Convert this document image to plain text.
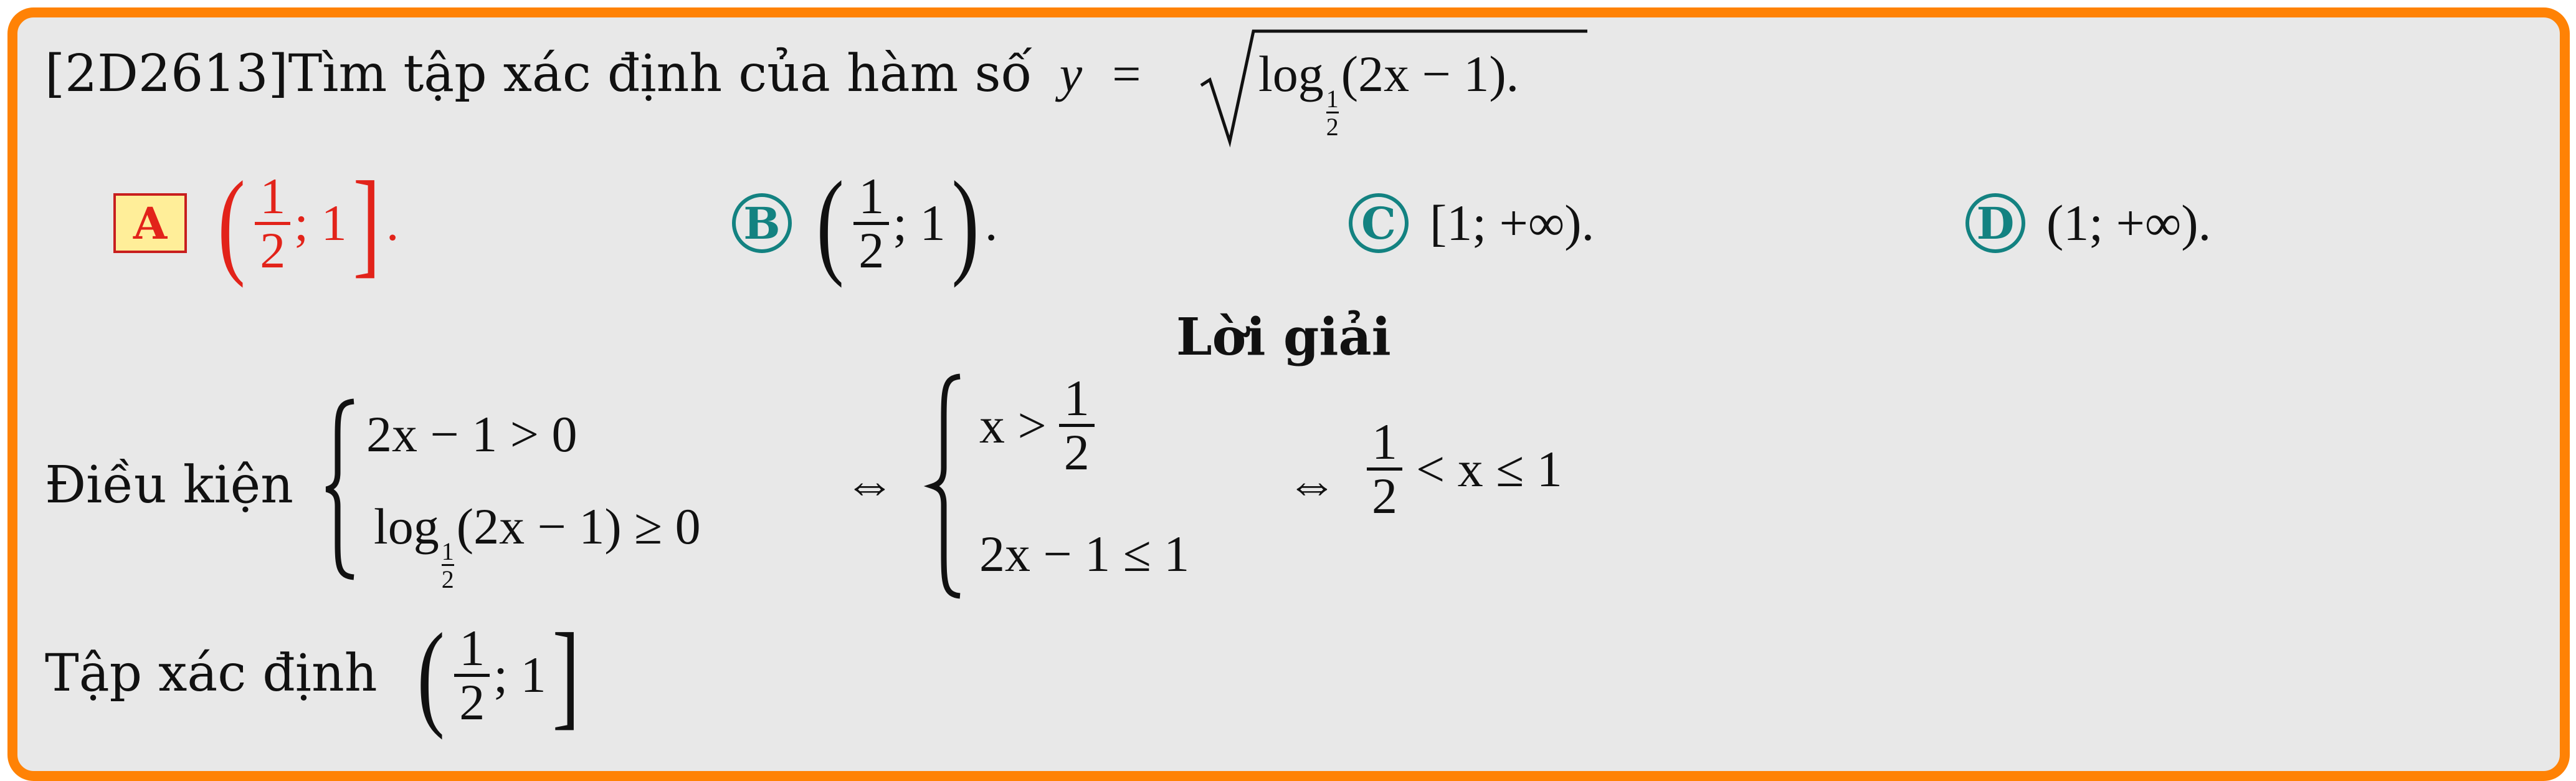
[2D2613]Tìm tập xác định của hàm số y = log
$\frac{1}{2}$
(2x − 1).
A ( $\frac{1}{2}$ ; 1 ] .	B ( $\frac{1}{2}$ ; 1 ) .	C [1; +∞).	D (1; +∞).
Lời giải
Điều kiện
2x − 1 > 0
log
$\frac{1}{2}$
(2x − 1) ≥ 0
⇔
$x > \frac{1}{2}$
2x − 1 ≤ 1
⇔ $\frac{1}{2} < x \le 1$
Tập xác định ( $\frac{1}{2}$ ; 1 ]
